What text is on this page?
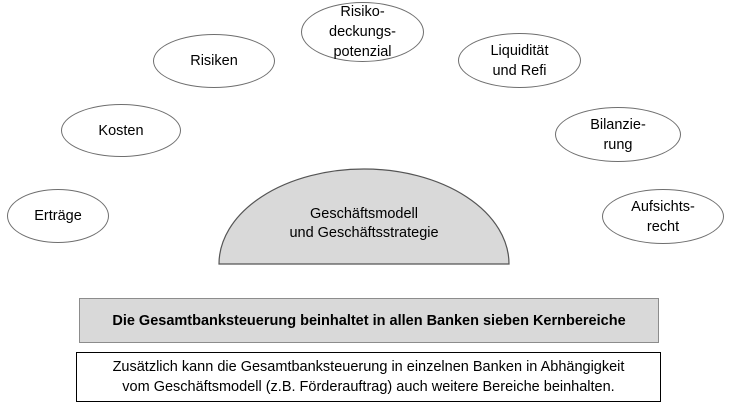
Erträge
Kosten
Risiken
Risiko-
deckungs-
potenzial	Liquidität
und Refi
Bilanzie-
rung
Aufsichts-
recht
Geschäftsmodell
und Geschäftsstrategie
Die Gesamtbanksteuerung beinhaltet in allen Banken sieben Kernbereiche
Zusätzlich kann die Gesamtbanksteuerung in einzelnen Banken in Abhängigkeit
vom Geschäftsmodell (z.B. Förderauftrag) auch weitere Bereiche beinhalten.
